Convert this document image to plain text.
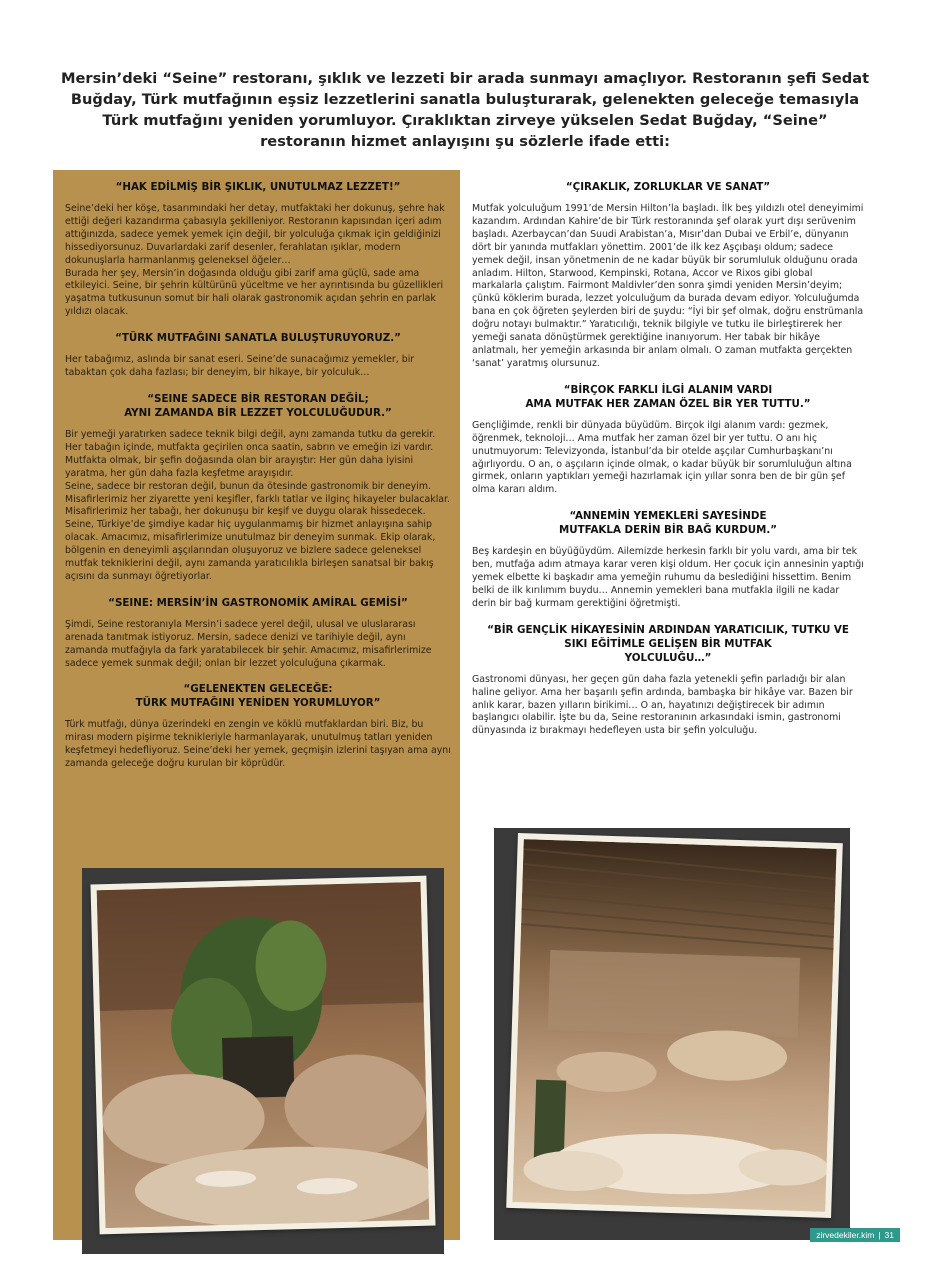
Mersin’deki “Seine” restoranı, şıklık ve lezzeti bir arada sunmayı amaçlıyor. Restoranın şefi Sedat Buğday, Türk mutfağının eşsiz lezzetlerini sanatla buluşturarak, gelenekten geleceğe temasıyla Türk mutfağını yeniden yorumluyor. Çıraklıktan zirveye yükselen Sedat Buğday, “Seine” restoranın hizmet anlayışını şu sözlerle ifade etti:
“HAK EDİLMİŞ BİR ŞIKLIK, UNUTULMAZ LEZZET!”
Seine’deki her köşe, tasarımındaki her detay, mutfaktaki her dokunuş, şehre hak ettiği değeri kazandırma çabasıyla şekilleniyor. Restoranın kapısından içeri adım attığınızda, sadece yemek yemek için değil, bir yolculuğa çıkmak için geldiğinizi hissediyorsunuz. Duvarlardaki zarif desenler, ferahlatan ışıklar, modern dokunuşlarla harmanlanmış geleneksel öğeler…
Burada her şey, Mersin’in doğasında olduğu gibi zarif ama güçlü, sade ama etkileyici. Seine, bir şehrin kültürünü yüceltme ve her ayrıntısında bu güzellikleri yaşatma tutkusunun somut bir hali olarak gastronomik açıdan şehrin en parlak yıldızı olacak.
“TÜRK MUTFAĞINI SANATLA BULUŞTURUYORUZ.”
Her tabağımız, aslında bir sanat eseri. Seine’de sunacağımız yemekler, bir tabaktan çok daha fazlası; bir deneyim, bir hikaye, bir yolculuk…
“SEINE SADECE BİR RESTORAN DEĞİL;
AYNI ZAMANDA BİR LEZZET YOLCULUĞUDUR.”
Bir yemeği yaratırken sadece teknik bilgi değil, aynı zamanda tutku da gerekir. Her tabağın içinde, mutfakta geçirilen onca saatin, sabrın ve emeğin izi vardır. Mutfakta olmak, bir şefin doğasında olan bir arayıştır: Her gün daha iyisini yaratma, her gün daha fazla keşfetme arayışıdır.
Seine, sadece bir restoran değil, bunun da ötesinde gastronomik bir deneyim. Misafirlerimiz her ziyarette yeni keşifler, farklı tatlar ve ilginç hikayeler bulacaklar. Misafirlerimiz her tabağı, her dokunuşu bir keşif ve duygu olarak hissedecek.
Seine, Türkiye’de şimdiye kadar hiç uygulanmamış bir hizmet anlayışına sahip olacak. Amacımız, misafirlerimize unutulmaz bir deneyim sunmak. Ekip olarak, bölgenin en deneyimli aşçılarından oluşuyoruz ve bizlere sadece geleneksel mutfak tekniklerini değil, aynı zamanda yaratıcılıkla birleşen sanatsal bir bakış açısını da sunmayı öğretiyorlar.
“SEINE: MERSİN’İN GASTRONOMİK AMİRAL GEMİSİ”
Şimdi, Seine restoranıyla Mersin’i sadece yerel değil, ulusal ve uluslararası arenada tanıtmak istiyoruz. Mersin, sadece denizi ve tarihiyle değil, aynı zamanda mutfağıyla da fark yaratabilecek bir şehir. Amacımız, misafirlerimize sadece yemek sunmak değil; onlan bir lezzet yolculuğuna çıkarmak.
“GELENEKTEN GELECEĞE:
TÜRK MUTFAĞINI YENİDEN YORUMLUYOR”
Türk mutfağı, dünya üzerindeki en zengin ve köklü mutfaklardan biri. Biz, bu mirası modern pişirme teknikleriyle harmanlayarak, unutulmuş tatları yeniden keşfetmeyi hedefliyoruz. Seine’deki her yemek, geçmişin izlerini taşıyan ama aynı zamanda geleceğe doğru kurulan bir köprüdür.
“ÇIRAKLIK, ZORLUKLAR VE SANAT”
Mutfak yolculuğum 1991’de Mersin Hilton’la başladı. İlk beş yıldızlı otel deneyimimi kazandım. Ardından Kahire’de bir Türk restoranında şef olarak yurt dışı serüvenim başladı. Azerbaycan’dan Suudi Arabistan’a, Mısır’dan Dubai ve Erbil’e, dünyanın dört bir yanında mutfakları yönettim. 2001’de ilk kez Aşçıbaşı oldum; sadece yemek değil, insan yönetmenin de ne kadar büyük bir sorumluluk olduğunu orada anladım. Hilton, Starwood, Kempinski, Rotana, Accor ve Rixos gibi global markalarla çalıştım. Fairmont Maldivler’den sonra şimdi yeniden Mersin’deyim; çünkü köklerim burada, lezzet yolculuğum da burada devam ediyor. Yolculuğumda bana en çok öğreten şeylerden biri de şuydu: “İyi bir şef olmak, doğru enstrümanla doğru notayı bulmaktır.” Yaratıcılığı, teknik bilgiyle ve tutku ile birleştirerek her yemeği sanata dönüştürmek gerektiğine inanıyorum. Her tabak bir hikâye anlatmalı, her yemeğin arkasında bir anlam olmalı. O zaman mutfakta gerçekten ‘sanat’ yaratmış olursunuz.
“BİRÇOK FARKLI İLGİ ALANIM VARDI
AMA MUTFAK HER ZAMAN ÖZEL BİR YER TUTTU.”
Gençliğimde, renkli bir dünyada büyüdüm. Birçok ilgi alanım vardı: gezmek, öğrenmek, teknoloji… Ama mutfak her zaman özel bir yer tuttu. O anı hiç unutmuyorum: Televizyonda, İstanbul’da bir otelde aşçılar Cumhurbaşkanı’nı ağırlıyordu. O an, o aşçıların içinde olmak, o kadar büyük bir sorumluluğun altına girmek, onların yaptıkları yemeği hazırlamak için yıllar sonra ben de bir gün şef olma kararı aldım.
“ANNEMİN YEMEKLERİ SAYESİNDE
MUTFAKLA DERİN BİR BAĞ KURDUM.”
Beş kardeşin en büyüğüydüm. Ailemizde herkesin farklı bir yolu vardı, ama bir tek ben, mutfağa adım atmaya karar veren kişi oldum. Her çocuk için annesinin yaptığı yemek elbette ki başkadır ama yemeğin ruhumu da beslediğini hissettim. Benim belki de ilk kırılımım buydu… Annemin yemekleri bana mutfakla ilgili ne kadar derin bir bağ kurmam gerektiğini öğretmişti.
“BİR GENÇLİK HİKAYESİNİN ARDINDAN YARATICILIK, TUTKU VE
SIKI EĞİTİMLE GELİŞEN BİR MUTFAK
YOLCULUĞU…”
Gastronomi dünyası, her geçen gün daha fazla yetenekli şefin parladığı bir alan haline geliyor. Ama her başarılı şefin ardında, bambaşka bir hikâye var. Bazen bir anlık karar, bazen yılların birikimi… O an, hayatınızı değiştirecek bir adımın başlangıcı olabilir. İşte bu da, Seine restoranının arkasındaki ismin, gastronomi dünyasında iz bırakmayı hedefleyen usta bir şefin yolculuğu.
zirvedekiler.kim | 31
